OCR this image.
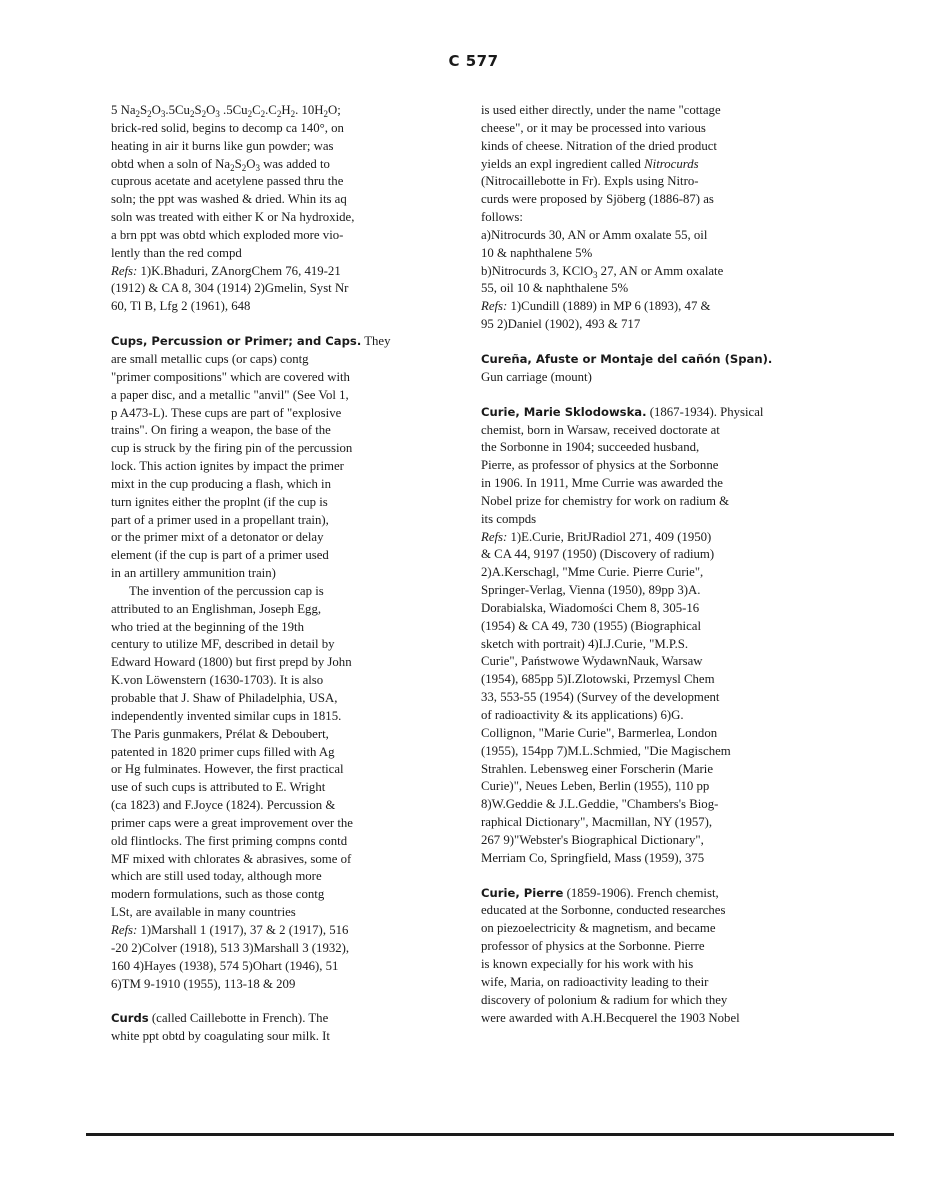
C 577

5 $Na_2S_2O_3.5Cu_2S_2O_3$ $.5Cu_2C_2.C_2H_2$. $10H_2O$;

brick-red solid, begins to decomp ca 140°, on

heating in air it burns like gun powder; was

obtd when a soln of $Na_2S_2O_3$ was added to

cuprous acetate and acetylene passed thru the

soln; the ppt was washed & dried. Whin its aq

soln was treated with either K or Na hydroxide,

a brn ppt was obtd which exploded more vio-

lently than the red compd

Refs: 1)K.Bhaduri, ZAnorgChem 76, 419-21

(1912) & CA 8, 304 (1914) 2)Gmelin, Syst Nr

60, Tl B, Lfg 2 (1961), 648

Cups, Percussion or Primer; and Caps. They

are small metallic cups (or caps) contg

"primer compositions" which are covered with

a paper disc, and a metallic "anvil" (See Vol 1,

p A473-L). These cups are part of "explosive

trains". On firing a weapon, the base of the

cup is struck by the firing pin of the percussion

lock. This action ignites by impact the primer

mixt in the cup producing a flash, which in

turn ignites either the proplnt (if the cup is

part of a primer used in a propellant train),

or the primer mixt of a detonator or delay

element (if the cup is part of a primer used

in an artillery ammunition train)

The invention of the percussion cap is

attributed to an Englishman, Joseph Egg,

who tried at the beginning of the 19th

century to utilize MF, described in detail by

Edward Howard (1800) but first prepd by John

K.von Löwenstern (1630-1703). It is also

probable that J. Shaw of Philadelphia, USA,

independently invented similar cups in 1815.

The Paris gunmakers, Prélat & Deboubert,

patented in 1820 primer cups filled with Ag

or Hg fulminates. However, the first practical

use of such cups is attributed to E. Wright

(ca 1823) and F.Joyce (1824). Percussion &

primer caps were a great improvement over the

old flintlocks. The first priming compns contd

MF mixed with chlorates & abrasives, some of

which are still used today, although more

modern formulations, such as those contg

LSt, are available in many countries

Refs: 1)Marshall 1 (1917), 37 & 2 (1917), 516

-20 2)Colver (1918), 513 3)Marshall 3 (1932),

160 4)Hayes (1938), 574 5)Ohart (1946), 51

6)TM 9-1910 (1955), 113-18 & 209

Curds (called Caillebotte in French). The

white ppt obtd by coagulating sour milk. It

is used either directly, under the name "cottage

cheese", or it may be processed into various

kinds of cheese. Nitration of the dried product

yields an expl ingredient called Nitrocurds

(Nitrocaillebotte in Fr). Expls using Nitro-

curds were proposed by Sjöberg (1886-87) as

follows:

a)Nitrocurds 30, AN or Amm oxalate 55, oil

10 & naphthalene 5%

b)Nitrocurds 3, KClO$_3$ 27, AN or Amm oxalate

55, oil 10 & naphthalene 5%

Refs: 1)Cundill (1889) in MP 6 (1893), 47 &

95 2)Daniel (1902), 493 & 717

Cureña, Afuste or Montaje del cañón (Span).

Gun carriage (mount)

Curie, Marie Sklodowska. (1867-1934). Physical

chemist, born in Warsaw, received doctorate at

the Sorbonne in 1904; succeeded husband,

Pierre, as professor of physics at the Sorbonne

in 1906. In 1911, Mme Currie was awarded the

Nobel prize for chemistry for work on radium &

its compds

Refs: 1)E.Curie, BritJRadiol 271, 409 (1950)

& CA 44, 9197 (1950) (Discovery of radium)

2)A.Kerschagl, "Mme Curie. Pierre Curie",

Springer-Verlag, Vienna (1950), 89pp 3)A.

Dorabialska, Wiadomości Chem 8, 305-16

(1954) & CA 49, 730 (1955) (Biographical

sketch with portrait) 4)I.J.Curie, "M.P.S.

Curie", Państwowe WydawnNauk, Warsaw

(1954), 685pp 5)I.Zlotowski, Przemysl Chem

33, 553-55 (1954) (Survey of the development

of radioactivity & its applications) 6)G.

Collignon, "Marie Curie", Barmerlea, London

(1955), 154pp 7)M.L.Schmied, "Die Magischem

Strahlen. Lebensweg einer Forscherin (Marie

Curie)", Neues Leben, Berlin (1955), 110 pp

8)W.Geddie & J.L.Geddie, "Chambers's Biog-

raphical Dictionary", Macmillan, NY (1957),

267 9)"Webster's Biographical Dictionary",

Merriam Co, Springfield, Mass (1959), 375

Curie, Pierre (1859-1906). French chemist,

educated at the Sorbonne, conducted researches

on piezoelectricity & magnetism, and became

professor of physics at the Sorbonne. Pierre

is known expecially for his work with his

wife, Maria, on radioactivity leading to their

discovery of polonium & radium for which they

were awarded with A.H.Becquerel the 1903 Nobel
